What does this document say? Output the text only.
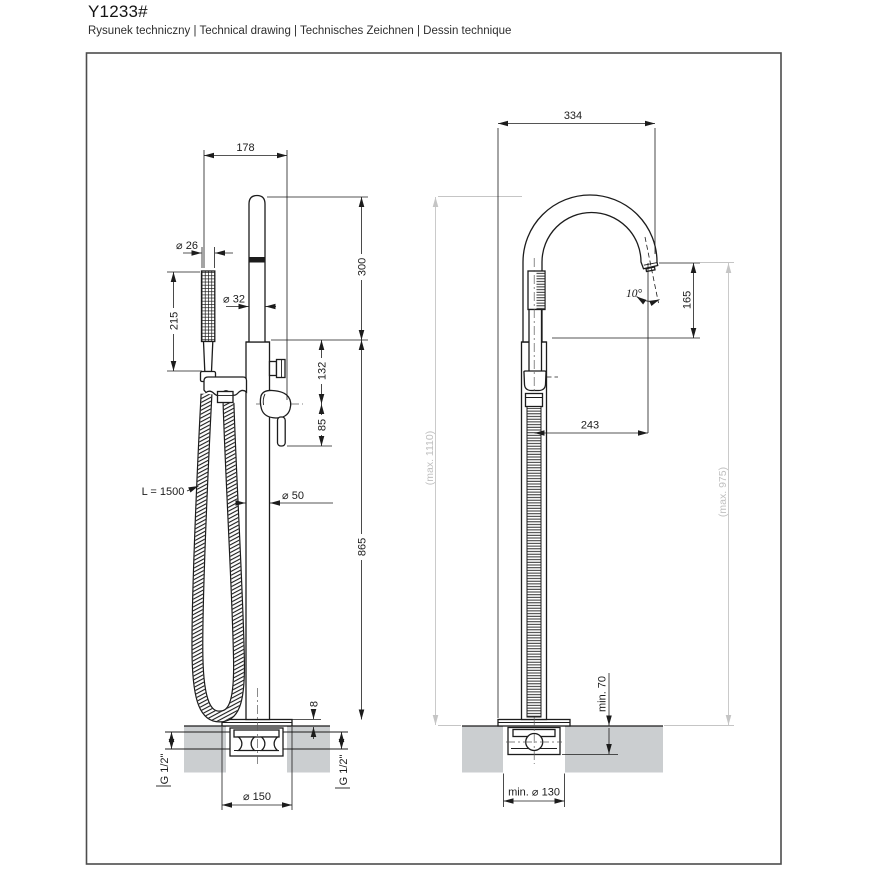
Y1233#
Rysunek techniczny | Technical drawing | Technisches Zeichnen | Dessin technique
178
⌀ 26
215
⌀ 32
300
132
85
865
⌀ 50
L = 1500
8
G 1/2"	G 1/2"
⌀ 150
(max. 1110)
(max. 975)
334
10°	165
243
min. 70
min. ⌀ 130
